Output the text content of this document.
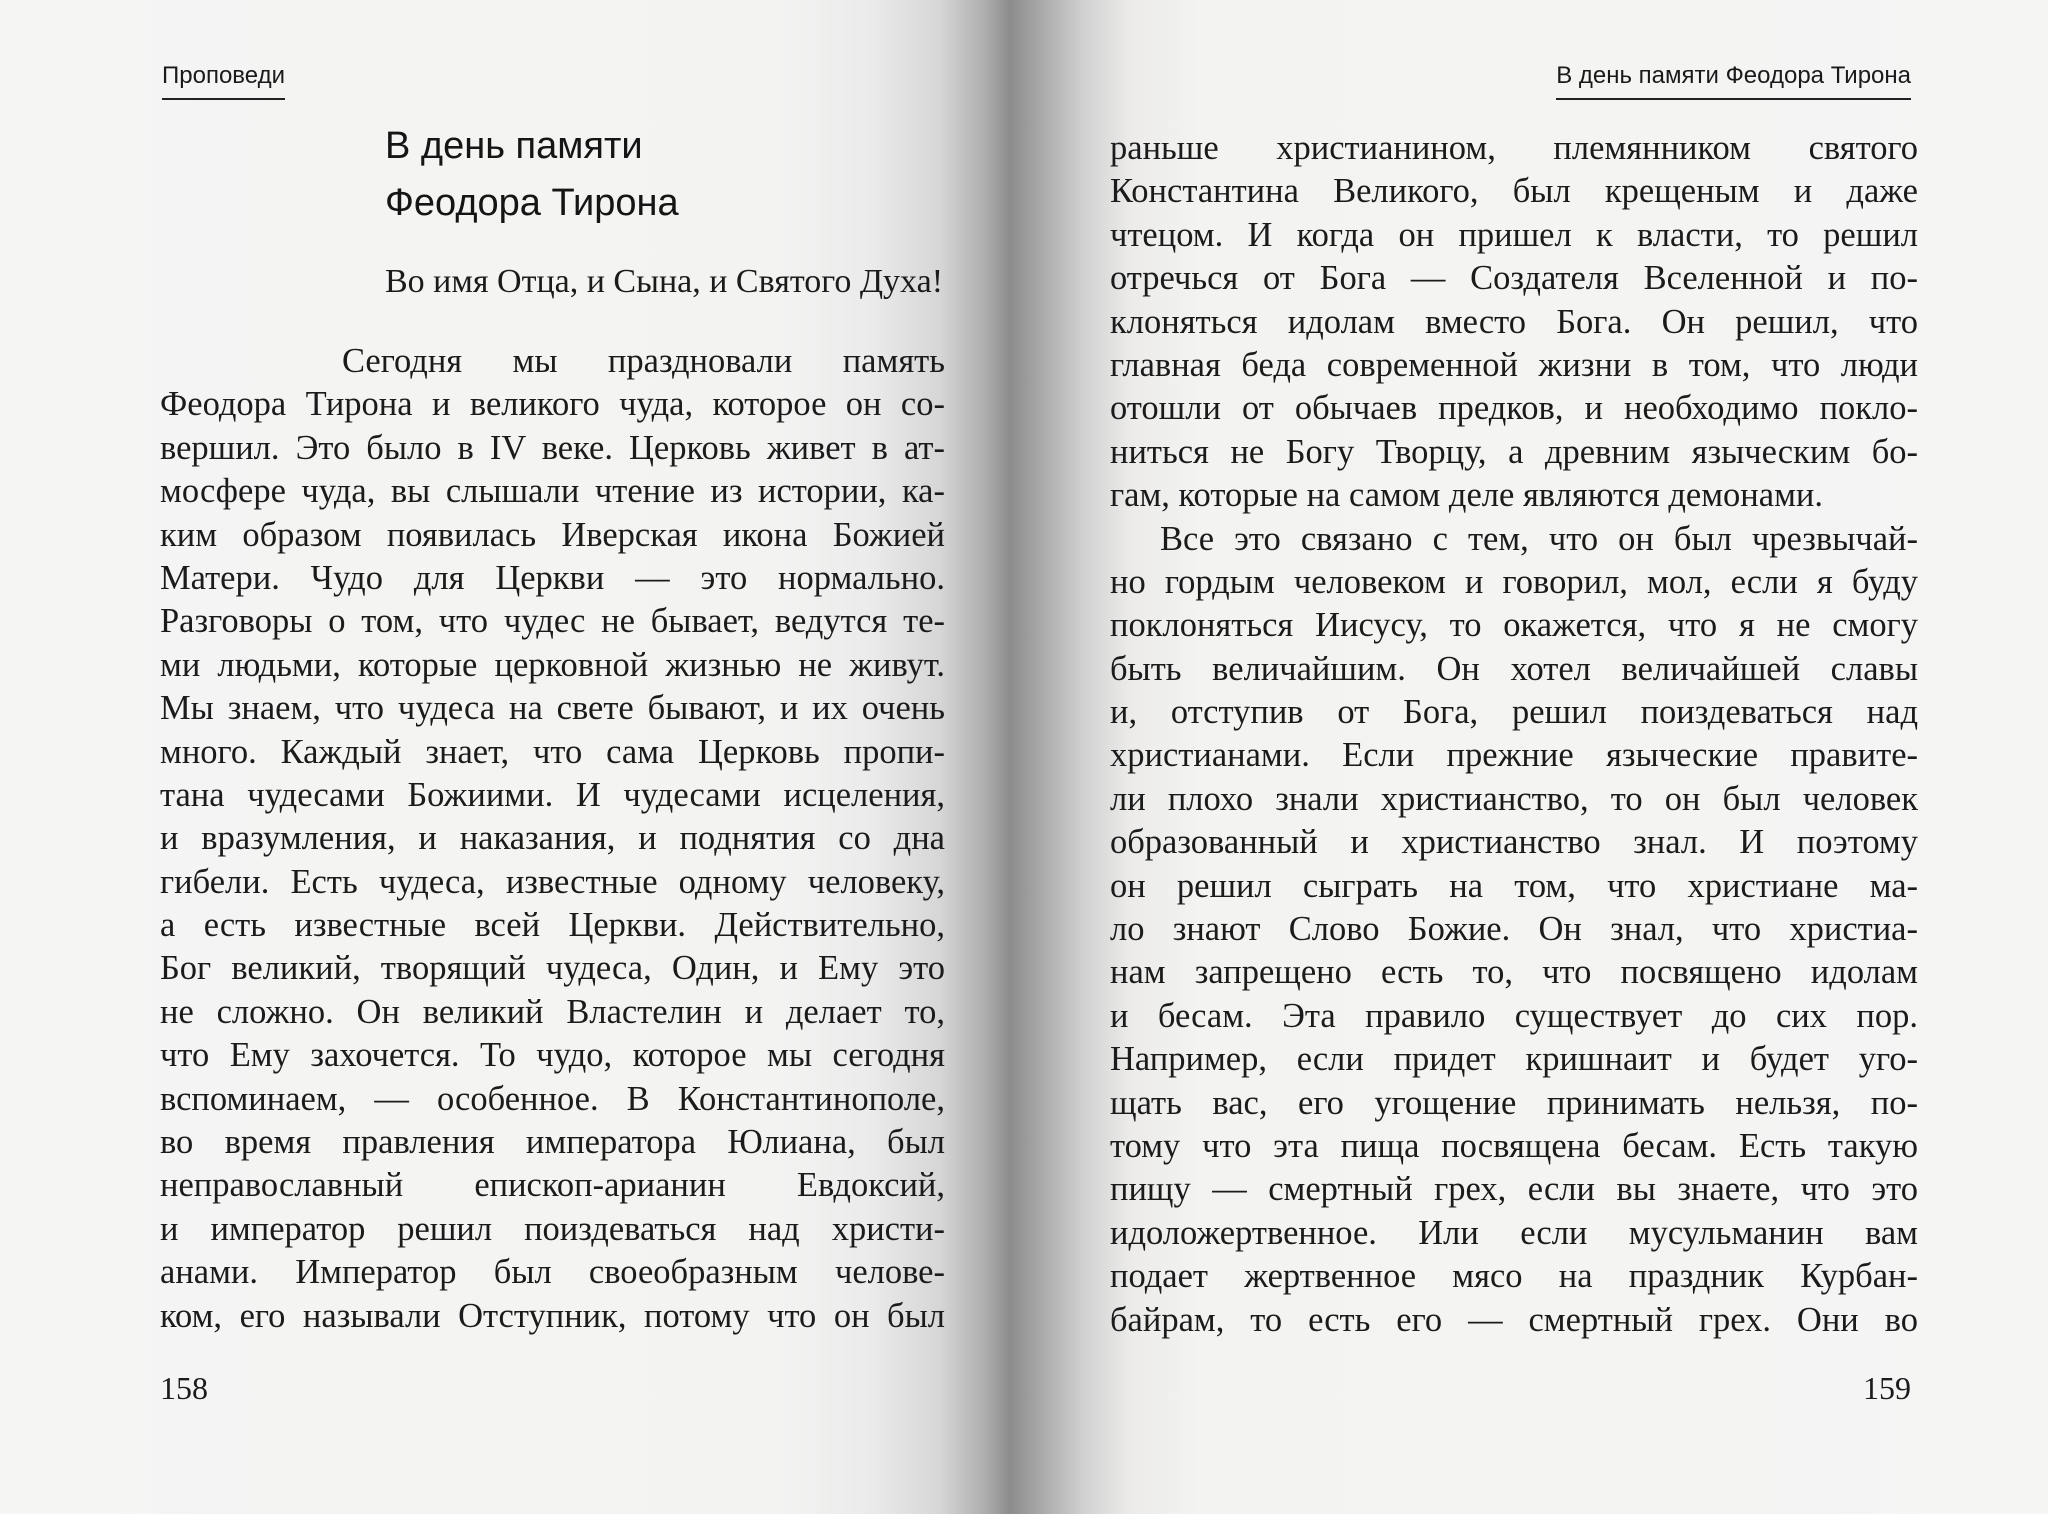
Проповеди
В день памяти
Феодора Тирона
Во имя Отца, и Сына, и Святого Духа!
Сегодня мы праздновали память
Феодора Тирона и великого чуда, которое он со-
вершил. Это было в IV веке. Церковь живет в ат-
мосфере чуда, вы слышали чтение из истории, ка-
ким образом появилась Иверская икона Божией
Матери. Чудо для Церкви — это нормально.
Разговоры о том, что чудес не бывает, ведутся те-
ми людьми, которые церковной жизнью не живут.
Мы знаем, что чудеса на свете бывают, и их очень
много. Каждый знает, что сама Церковь пропи-
тана чудесами Божиими. И чудесами исцеления,
и вразумления, и наказания, и поднятия со дна
гибели. Есть чудеса, известные одному человеку,
а есть известные всей Церкви. Действительно,
Бог великий, творящий чудеса, Один, и Ему это
не сложно. Он великий Властелин и делает то,
что Ему захочется. То чудо, которое мы сегодня
вспоминаем, — особенное. В Константинополе,
во время правления императора Юлиана, был
неправославный епископ-арианин Евдоксий,
и император решил поиздеваться над христи-
анами. Император был своеобразным челове-
ком, его называли Отступник, потому что он был
158
В день памяти Феодора Тирона
раньше христианином, племянником святого
Константина Великого, был крещеным и даже
чтецом. И когда он пришел к власти, то решил
отречься от Бога — Создателя Вселенной и по-
клоняться идолам вместо Бога. Он решил, что
главная беда современной жизни в том, что люди
отошли от обычаев предков, и необходимо покло-
ниться не Богу Творцу, а древним языческим бо-
гам, которые на самом деле являются демонами.
Все это связано с тем, что он был чрезвычай-
но гордым человеком и говорил, мол, если я буду
поклоняться Иисусу, то окажется, что я не смогу
быть величайшим. Он хотел величайшей славы
и, отступив от Бога, решил поиздеваться над
христианами. Если прежние языческие правите-
ли плохо знали христианство, то он был человек
образованный и христианство знал. И поэтому
он решил сыграть на том, что христиане ма-
ло знают Слово Божие. Он знал, что христиа-
нам запрещено есть то, что посвящено идолам
и бесам. Эта правило существует до сих пор.
Например, если придет кришнаит и будет уго-
щать вас, его угощение принимать нельзя, по-
тому что эта пища посвящена бесам. Есть такую
пищу — смертный грех, если вы знаете, что это
идоложертвенное. Или если мусульманин вам
подает жертвенное мясо на праздник Курбан-
байрам, то есть его — смертный грех. Они во
159
